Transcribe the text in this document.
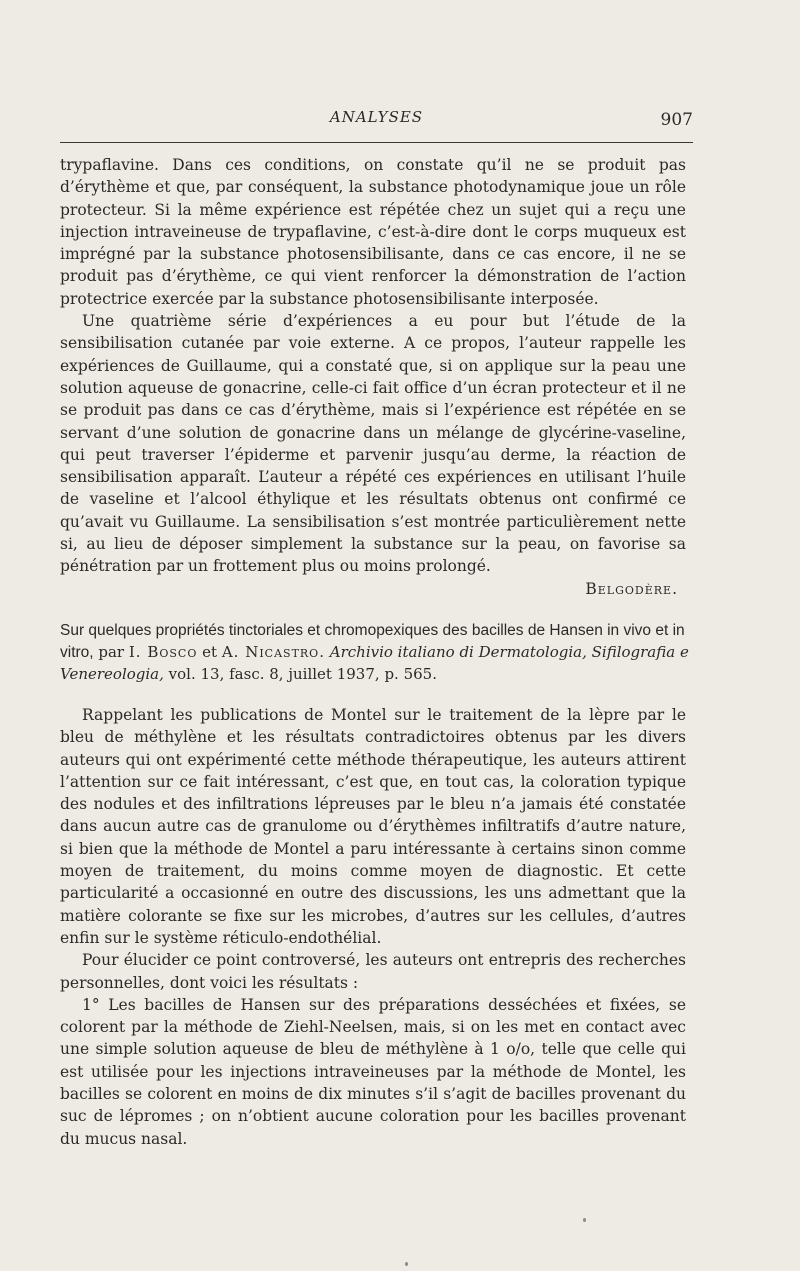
ANALYSES	907

trypaflavine. Dans ces conditions, on constate qu’il ne se produit pas d’érythème et que, par conséquent, la substance photodynamique joue un rôle protecteur. Si la même expérience est répétée chez un sujet qui a reçu une injection intraveineuse de trypaflavine, c’est-à-dire dont le corps muqueux est imprégné par la substance photosensibilisante, dans ce cas encore, il ne se produit pas d’érythème, ce qui vient renforcer la démonstration de l’action protectrice exercée par la substance photosensibilisante interposée.

Une quatrième série d’expériences a eu pour but l’étude de la sensibilisation cutanée par voie externe. A ce propos, l’auteur rappelle les expériences de Guillaume, qui a constaté que, si on applique sur la peau une solution aqueuse de gonacrine, celle-ci fait office d’un écran protecteur et il ne se produit pas dans ce cas d’érythème, mais si l’expérience est répétée en se servant d’une solution de gonacrine dans un mélange de glycérine-vaseline, qui peut traverser l’épiderme et parvenir jusqu’au derme, la réaction de sensibilisation apparaît. L’auteur a répété ces expériences en utilisant l’huile de vaseline et l’alcool éthylique et les résultats obtenus ont confirmé ce qu’avait vu Guillaume. La sensibilisation s’est montrée particulièrement nette si, au lieu de déposer simplement la substance sur la peau, on favorise sa pénétration par un frottement plus ou moins prolongé.

Belgodère.

Sur quelques propriétés tinctoriales et chromopexiques des bacilles de Hansen in vivo et in vitro, par I. Bosco et A. Nicastro. Archivio italiano di Dermatologia, Sifilografia e Venereologia, vol. 13, fasc. 8, juillet 1937, p. 565.

Rappelant les publications de Montel sur le traitement de la lèpre par le bleu de méthylène et les résultats contradictoires obtenus par les divers auteurs qui ont expérimenté cette méthode thérapeutique, les auteurs attirent l’attention sur ce fait intéressant, c’est que, en tout cas, la coloration typique des nodules et des infiltrations lépreuses par le bleu n’a jamais été constatée dans aucun autre cas de granulome ou d’érythèmes infiltratifs d’autre nature, si bien que la méthode de Montel a paru intéressante à certains sinon comme moyen de traitement, du moins comme moyen de diagnostic. Et cette particularité a occasionné en outre des discussions, les uns admettant que la matière colorante se fixe sur les microbes, d’autres sur les cellules, d’autres enfin sur le système réticulo-endothélial.

Pour élucider ce point controversé, les auteurs ont entrepris des recherches personnelles, dont voici les résultats :

1° Les bacilles de Hansen sur des préparations desséchées et fixées, se colorent par la méthode de Ziehl-Neelsen, mais, si on les met en contact avec une simple solution aqueuse de bleu de méthylène à 1 o/o, telle que celle qui est utilisée pour les injections intraveineuses par la méthode de Montel, les bacilles se colorent en moins de dix minutes s’il s’agit de bacilles provenant du suc de lépromes ; on n’obtient aucune coloration pour les bacilles provenant du mucus nasal.
